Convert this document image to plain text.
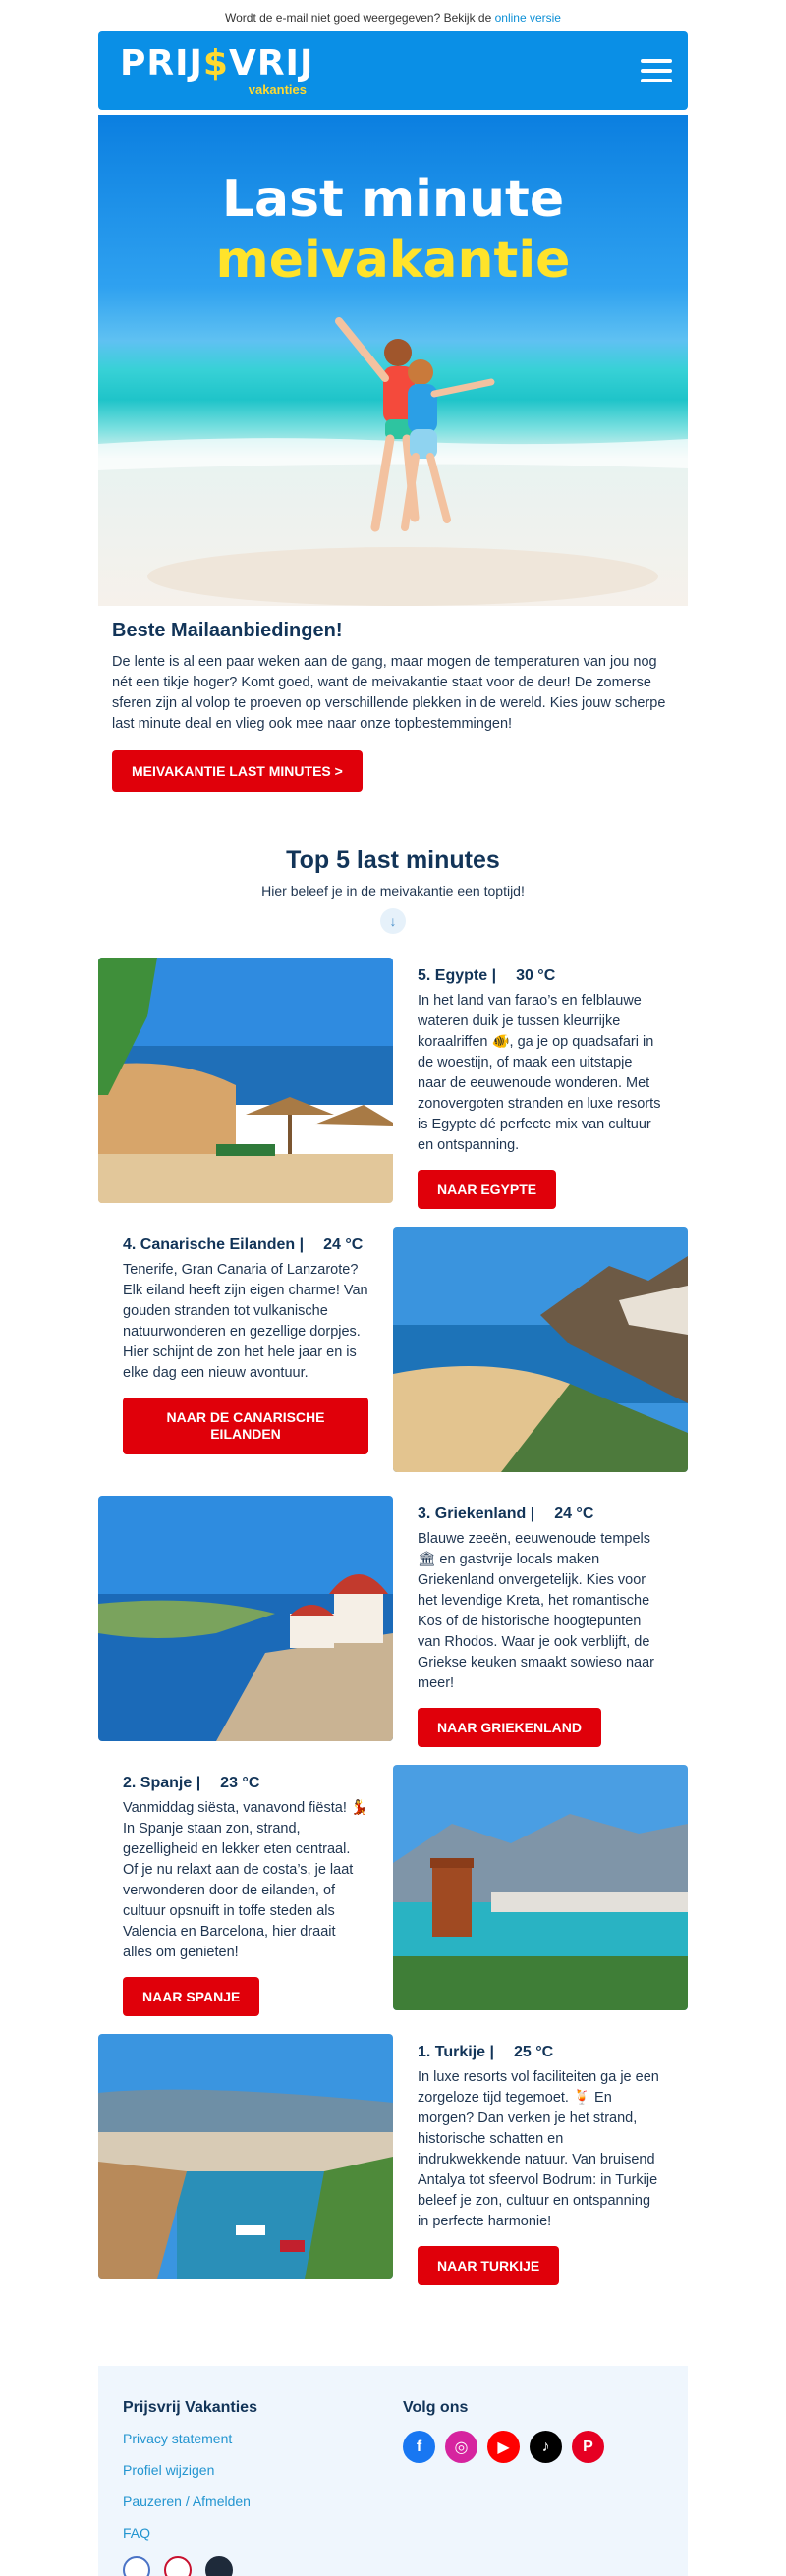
Wordt de e-mail niet goed weergegeven? Bekijk de online versie
PRIJ$VRIJ
vakanties
Last minute
meivakantie
Beste Mailaanbiedingen!

De lente is al een paar weken aan de gang, maar mogen de temperaturen van jou nog nét een tikje hoger? Komt goed, want de meivakantie staat voor de deur! De zomerse sferen zijn al volop te proeven op verschillende plekken in de wereld. Kies jouw scherpe last minute deal en vlieg ook mee naar onze topbestemmingen!

MEIVAKANTIE LAST MINUTES >
Top 5 last minutes
Hier beleef je in de meivakantie een toptijd!
↓
5. Egypte | 30 °C

In het land van farao’s en felblauwe wateren duik je tussen kleurrijke koraalriffen 🐠, ga je op quadsafari in de woestijn, of maak een uitstapje naar de eeuwenoude wonderen. Met zonovergoten stranden en luxe resorts is Egypte dé perfecte mix van cultuur en ontspanning.

NAAR EGYPTE
4. Canarische Eilanden | 24 °C

Tenerife, Gran Canaria of Lanzarote? Elk eiland heeft zijn eigen charme! Van gouden stranden tot vulkanische natuurwonderen en gezellige dorpjes. Hier schijnt de zon het hele jaar en is elke dag een nieuw avontuur.

NAAR DE CANARISCHE EILANDEN
3. Griekenland | 24 °C

Blauwe zeeën, eeuwenoude tempels 🏛 en gastvrije locals maken Griekenland onvergetelijk. Kies voor het levendige Kreta, het romantische Kos of de historische hoogtepunten van Rhodos. Waar je ook verblijft, de Griekse keuken smaakt sowieso naar meer!

NAAR GRIEKENLAND
2. Spanje | 23 °C

Vanmiddag siësta, vanavond fiësta! 💃 In Spanje staan zon, strand, gezelligheid en lekker eten centraal. Of je nu relaxt aan de costa’s, je laat verwonderen door de eilanden, of cultuur opsnuift in toffe steden als Valencia en Barcelona, hier draait alles om genieten!

NAAR SPANJE
1. Turkije | 25 °C

In luxe resorts vol faciliteiten ga je een zorgeloze tijd tegemoet. 🍹 En morgen? Dan verken je het strand, historische schatten en indrukwekkende natuur. Van bruisend Antalya tot sfeervol Bodrum: in Turkije beleef je zon, cultuur en ontspanning in perfecte harmonie!

NAAR TURKIJE
Prijsvrij Vakanties
Privacy statement
Profiel wijzigen
Pauzeren / Afmelden
FAQ
Volg ons
f	◎	▶	♪	P
